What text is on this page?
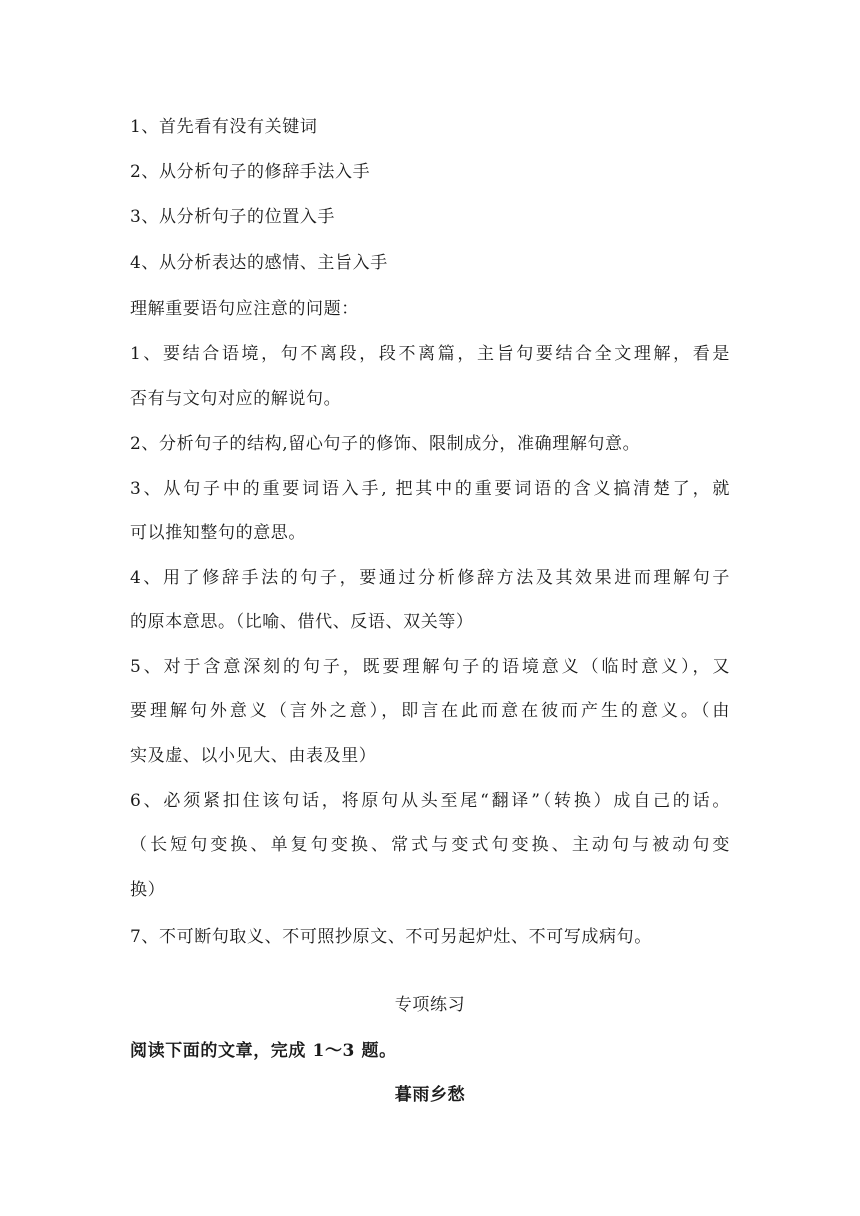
1、首先看有没有关键词
2、从分析句子的修辞手法入手
3、从分析句子的位置入手
4、从分析表达的感情、主旨入手
理解重要语句应注意的问题：
1、要结合语境，句不离段，段不离篇，主旨句要结合全文理解，看是
否有与文句对应的解说句。
2、分析句子的结构,留心句子的修饰、限制成分，准确理解句意。
3、从句子中的重要词语入手, 把其中的重要词语的含义搞清楚了，就
可以推知整句的意思。
4、用了修辞手法的句子，要通过分析修辞方法及其效果进而理解句子
的原本意思。（比喻、借代、反语、双关等）
5、对于含意深刻的句子，既要理解句子的语境意义（临时意义），又
要理解句外意义（言外之意），即言在此而意在彼而产生的意义。（由
实及虚、以小见大、由表及里）
6、必须紧扣住该句话，将原句从头至尾“翻译”（转换）成自己的话。
（长短句变换、单复句变换、常式与变式句变换、主动句与被动句变
换）
7、不可断句取义、不可照抄原文、不可另起炉灶、不可写成病句。
专项练习
阅读下面的文章，完成 1～3 题。
暮雨乡愁
